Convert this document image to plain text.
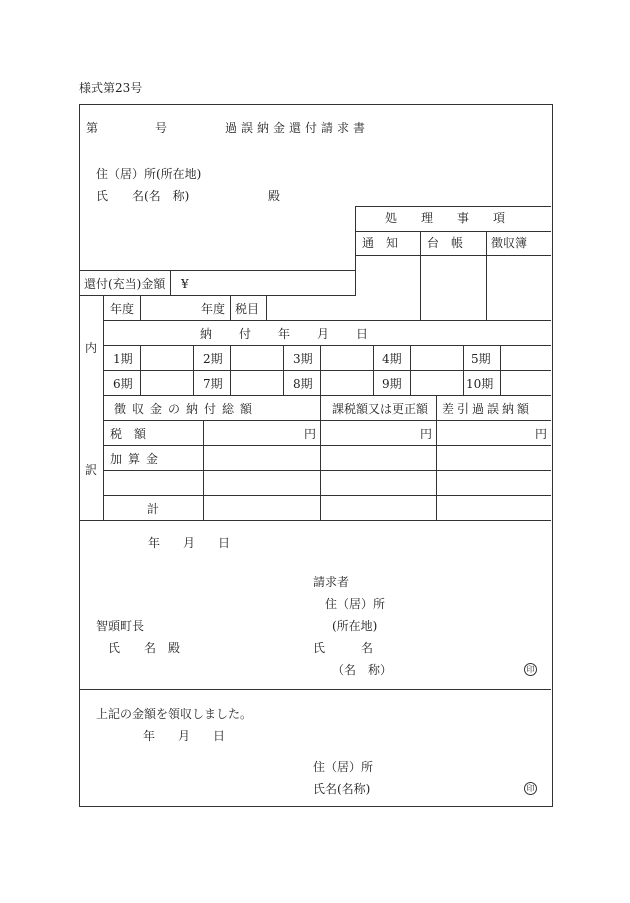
様式第23号
第	号	過誤納金還付請求書
住（居）所(所在地)
氏　　名(名　称)	殿
処　理　事　項
通　知 台　帳 徴収簿
還付(充当)金額 ¥
内
訳
年度	年度 税目
納　　付　　年　　月　　日
1期	2期	3期	4期	5期
6期	7期	8期	9期	10期
徴収金の納付総額	課税額又は更正額 差引過誤納額
税　額	円	円	円
加算金
計
年 月 日
請求者
住（居）所
智頭町長	(所在地)
氏　　名　殿	氏　　名
（名　称）	印
上記の金額を領収しました。
年 月 日
住（居）所
氏名(名称)	印
